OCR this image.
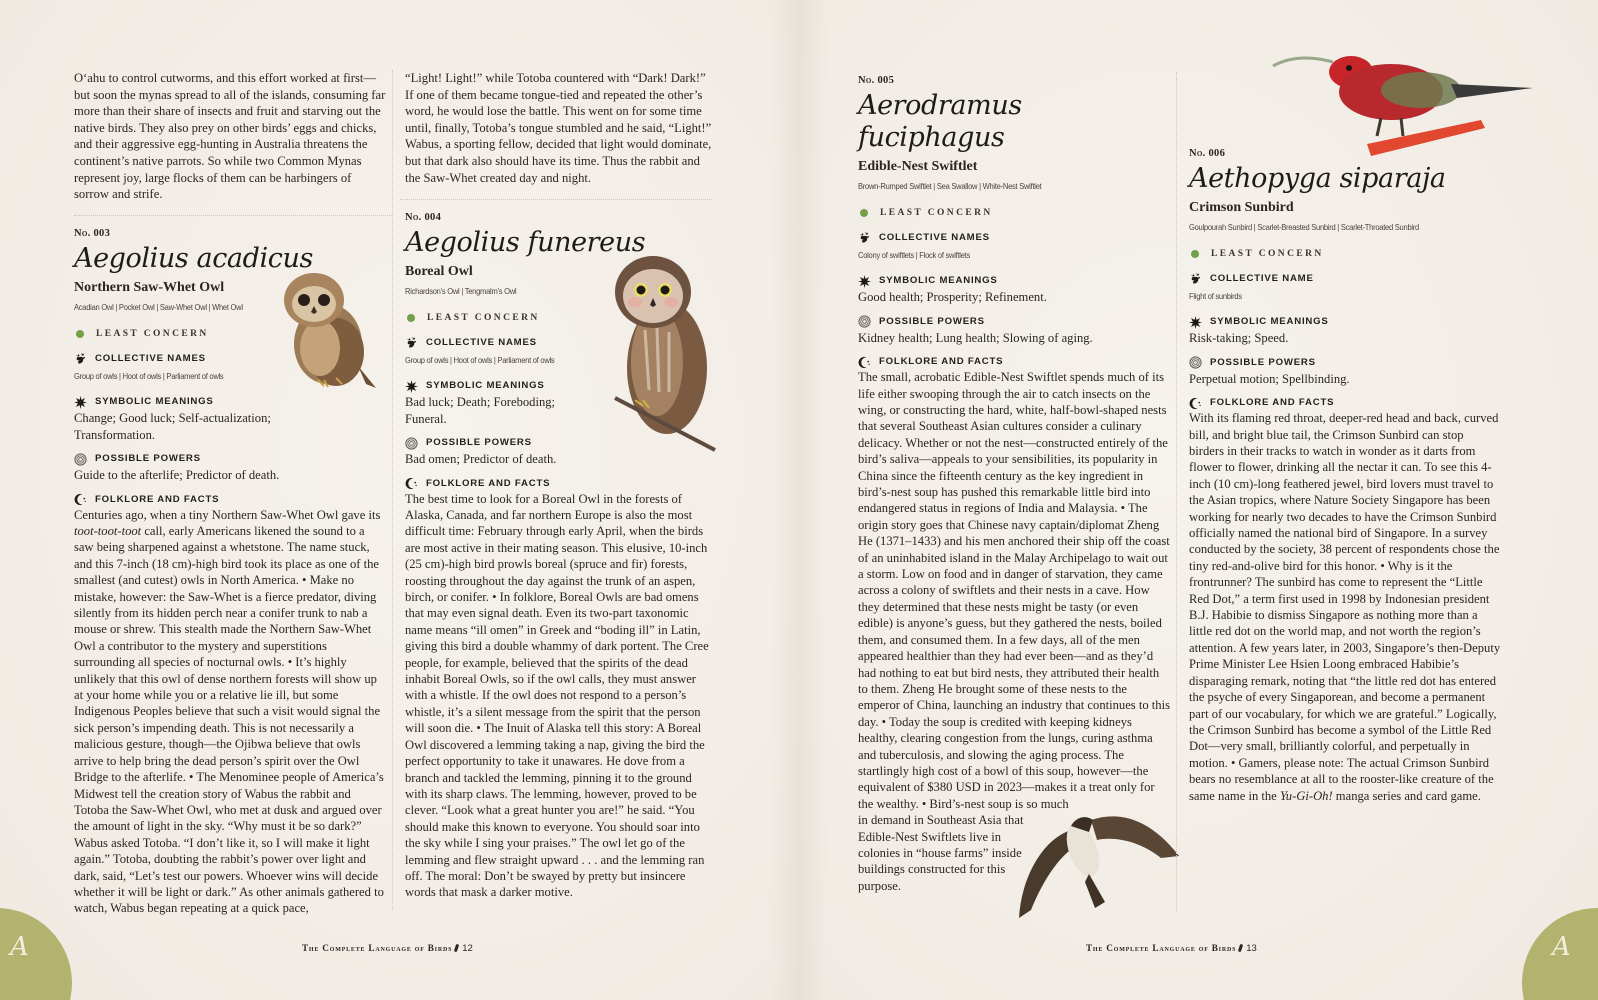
O‘ahu to control cutworms, and this effort worked at first—but soon the mynas spread to all of the islands, consuming far more than their share of insects and fruit and starving out the native birds. They also prey on other birds’ eggs and chicks, and their aggressive egg-hunting in Australia threatens the continent’s native parrots. So while two Common Mynas represent joy, large flocks of them can be harbingers of sorrow and strife.

No. 003
Aegolius acadicus
Northern Saw-Whet Owl
Acadian Owl | Pocket Owl | Saw-Whet Owl | Whet Owl
LEAST CONCERN
COLLECTIVE NAMES
Group of owls | Hoot of owls | Parliament of owls
SYMBOLIC MEANINGS
Change; Good luck; Self-actualization; Transformation.
POSSIBLE POWERS
Guide to the afterlife; Predictor of death.
FOLKLORE AND FACTS

Centuries ago, when a tiny Northern Saw-Whet Owl gave its toot-toot-toot call, early Americans likened the sound to a saw being sharpened against a whetstone. The name stuck, and this 7-inch (18 cm)-high bird took its place as one of the smallest (and cutest) owls in North America. • Make no mistake, however: the Saw-Whet is a fierce predator, diving silently from its hidden perch near a conifer trunk to nab a mouse or shrew. This stealth made the Northern Saw-Whet Owl a contributor to the mystery and superstitions surrounding all species of nocturnal owls. • It’s highly unlikely that this owl of dense northern forests will show up at your home while you or a relative lie ill, but some Indigenous Peoples believe that such a visit would signal the sick person’s impending death. This is not necessarily a malicious gesture, though—the Ojibwa believe that owls arrive to help bring the dead person’s spirit over the Owl Bridge to the afterlife. • The Menominee people of America’s Midwest tell the creation story of Wabus the rabbit and Totoba the Saw-Whet Owl, who met at dusk and argued over the amount of light in the sky. “Why must it be so dark?” Wabus asked Totoba. “I don’t like it, so I will make it light again.” Totoba, doubting the rabbit’s power over light and dark, said, “Let’s test our powers. Whoever wins will decide whether it will be light or dark.” As other animals gathered to watch, Wabus began repeating at a quick pace,

“Light! Light!” while Totoba countered with “Dark! Dark!” If one of them became tongue-tied and repeated the other’s word, he would lose the battle. This went on for some time until, finally, Totoba’s tongue stumbled and he said, “Light!” Wabus, a sporting fellow, decided that light would dominate, but that dark also should have its time. Thus the rabbit and the Saw-Whet created day and night.

No. 004
Aegolius funereus
Boreal Owl
Richardson’s Owl | Tengmalm’s Owl
LEAST CONCERN
COLLECTIVE NAMES
Group of owls | Hoot of owls | Parliament of owls
SYMBOLIC MEANINGS
Bad luck; Death; Foreboding; Funeral.
POSSIBLE POWERS
Bad omen; Predictor of death.
FOLKLORE AND FACTS

The best time to look for a Boreal Owl in the forests of Alaska, Canada, and far northern Europe is also the most difficult time: February through early April, when the birds are most active in their mating season. This elusive, 10-inch (25 cm)-high bird prowls boreal (spruce and fir) forests, roosting throughout the day against the trunk of an aspen, birch, or conifer. • In folklore, Boreal Owls are bad omens that may even signal death. Even its two-part taxonomic name means “ill omen” in Greek and “boding ill” in Latin, giving this bird a double whammy of dark portent. The Cree people, for example, believed that the spirits of the dead inhabit Boreal Owls, so if the owl calls, they must answer with a whistle. If the owl does not respond to a person’s whistle, it’s a silent message from the spirit that the person will soon die. • The Inuit of Alaska tell this story: A Boreal Owl discovered a lemming taking a nap, giving the bird the perfect opportunity to take it unawares. He dove from a branch and tackled the lemming, pinning it to the ground with its sharp claws. The lemming, however, proved to be clever. “Look what a great hunter you are!” he said. “You should make this known to everyone. You should soar into the sky while I sing your praises.” The owl let go of the lemming and flew straight upward . . . and the lemming ran off. The moral: Don’t be swayed by pretty but insincere words that mask a darker motive.

A	The Complete Language of Birds 12
No. 005
Aerodramus fuciphagus
Edible-Nest Swiftlet
Brown-Rumped Swiftlet | Sea Swallow | White-Nest Swiftlet
LEAST CONCERN
COLLECTIVE NAMES
Colony of swiftlets | Flock of swiftlets
SYMBOLIC MEANINGS
Good health; Prosperity; Refinement.
POSSIBLE POWERS
Kidney health; Lung health; Slowing of aging.
FOLKLORE AND FACTS

The small, acrobatic Edible-Nest Swiftlet spends much of its life either swooping through the air to catch insects on the wing, or constructing the hard, white, half-bowl-shaped nests that several Southeast Asian cultures consider a culinary delicacy. Whether or not the nest—constructed entirely of the bird’s saliva—appeals to your sensibilities, its popularity in China since the fifteenth century as the key ingredient in bird’s-nest soup has pushed this remarkable little bird into endangered status in regions of India and Malaysia. • The origin story goes that Chinese navy captain/diplomat Zheng He (1371–1433) and his men anchored their ship off the coast of an uninhabited island in the Malay Archipelago to wait out a storm. Low on food and in danger of starvation, they came across a colony of swiftlets and their nests in a cave. How they determined that these nests might be tasty (or even edible) is anyone’s guess, but they gathered the nests, boiled them, and consumed them. In a few days, all of the men appeared healthier than they had ever been—and as they’d had nothing to eat but bird nests, they attributed their health to them. Zheng He brought some of these nests to the emperor of China, launching an industry that continues to this day. • Today the soup is credited with keeping kidneys healthy, clearing congestion from the lungs, curing asthma and tuberculosis, and slowing the aging process. The startlingly high cost of a bowl of this soup, however—the equivalent of $380 USD in 2023—makes it a treat only for the wealthy. • Bird’s-nest soup is so much

in demand in Southeast Asia that Edible-Nest Swiftlets live in colonies in “house farms” inside buildings constructed for this purpose.

No. 006
Aethopyga siparaja
Crimson Sunbird
Goulpourah Sunbird | Scarlet-Breasted Sunbird | Scarlet-Throated Sunbird
LEAST CONCERN
COLLECTIVE NAME
Flight of sunbirds
SYMBOLIC MEANINGS
Risk-taking; Speed.
POSSIBLE POWERS
Perpetual motion; Spellbinding.
FOLKLORE AND FACTS

With its flaming red throat, deeper-red head and back, curved bill, and bright blue tail, the Crimson Sunbird can stop birders in their tracks to watch in wonder as it darts from flower to flower, drinking all the nectar it can. To see this 4-inch (10 cm)-long feathered jewel, bird lovers must travel to the Asian tropics, where Nature Society Singapore has been working for nearly two decades to have the Crimson Sunbird officially named the national bird of Singapore. In a survey conducted by the society, 38 percent of respondents chose the tiny red-and-olive bird for this honor. • Why is it the frontrunner? The sunbird has come to represent the “Little Red Dot,” a term first used in 1998 by Indonesian president B.J. Habibie to dismiss Singapore as nothing more than a little red dot on the world map, and not worth the region’s attention. A few years later, in 2003, Singapore’s then-Deputy Prime Minister Lee Hsien Loong embraced Habibie’s disparaging remark, noting that “the little red dot has entered the psyche of every Singaporean, and become a permanent part of our vocabulary, for which we are grateful.” Logically, the Crimson Sunbird has become a symbol of the Little Red Dot—very small, brilliantly colorful, and perpetually in motion. • Gamers, please note: The actual Crimson Sunbird bears no resemblance at all to the rooster-like creature of the same name in the Yu-Gi-Oh! manga series and card game.

A
The Complete Language of Birds 13
